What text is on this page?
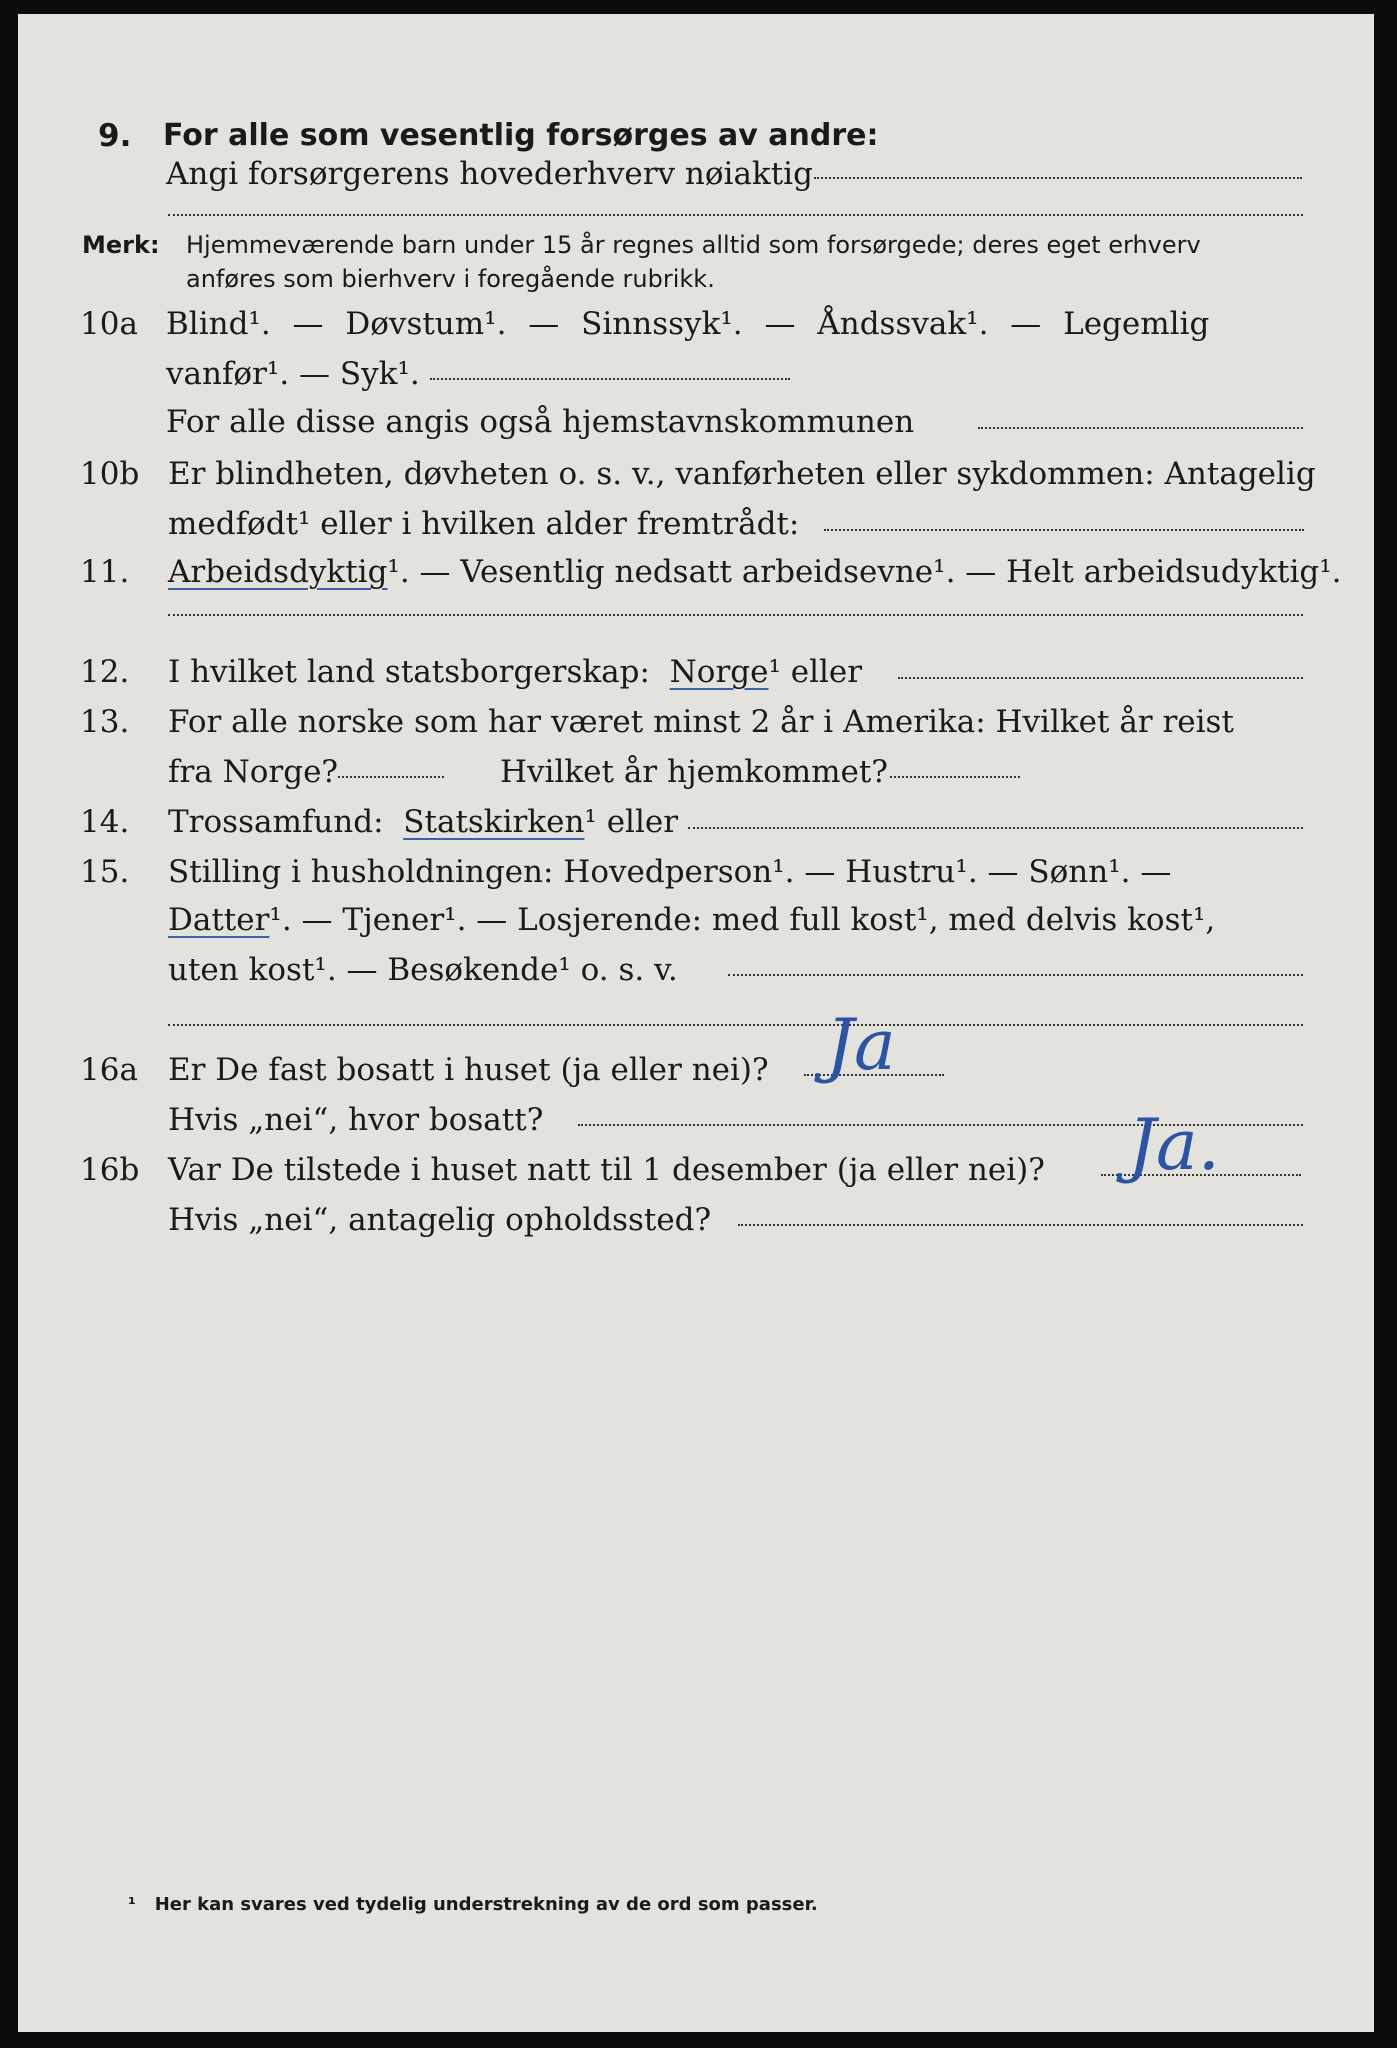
9. For alle som vesentlig forsørges av andre:
Angi forsørgerens hovederhverv nøiaktig
Merk: Hjemmeværende barn under 15 år regnes alltid som forsørgede; deres eget erhverv
anføres som bierhverv i foregående rubrikk.
10a Blind¹. — Døvstum¹. — Sinnssyk¹. — Åndssvak¹. — Legemlig
vanfør¹. — Syk¹.
For alle disse angis også hjemstavnskommunen
10b Er blindheten, døvheten o. s. v., vanførheten eller sykdommen: Antagelig
medfødt¹ eller i hvilken alder fremtrådt:
11. Arbeidsdyktig¹. — Vesentlig nedsatt arbeidsevne¹. — Helt arbeidsudyktig¹.
12. I hvilket land statsborgerskap: Norge¹ eller
13. For alle norske som har været minst 2 år i Amerika: Hvilket år reist
fra Norge?	Hvilket år hjemkommet?
14. Trossamfund: Statskirken¹ eller
15. Stilling i husholdningen: Hovedperson¹. — Hustru¹. — Sønn¹. —
Datter¹. — Tjener¹. — Losjerende: med full kost¹, med delvis kost¹,
uten kost¹. — Besøkende¹ o. s. v.
16a Er De fast bosatt i huset (ja eller nei)? Ja
Hvis „nei“, hvor bosatt?
16b Var De tilstede i huset natt til 1 desember (ja eller nei)? Ja.
Hvis „nei“, antagelig opholdssted?
¹ Her kan svares ved tydelig understrekning av de ord som passer.
